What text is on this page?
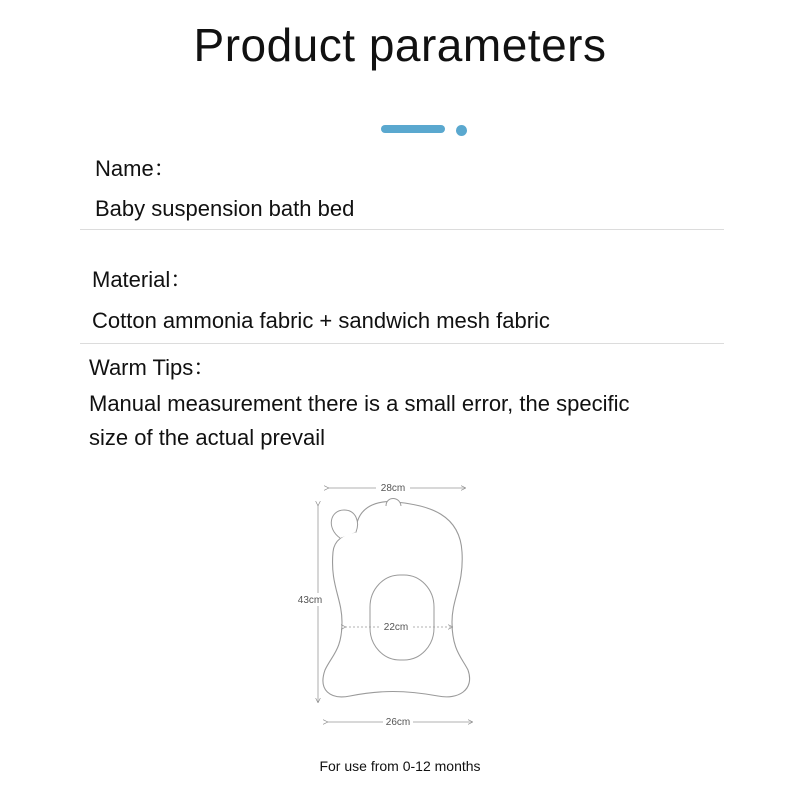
Product parameters
Name：
Baby suspension bath bed
Material：
Cotton ammonia fabric + sandwich mesh fabric
Warm Tips：
Manual measurement there is a small error, the specific
size of the actual prevail
28cm
43cm
22cm
26cm
For use from 0-12 months
